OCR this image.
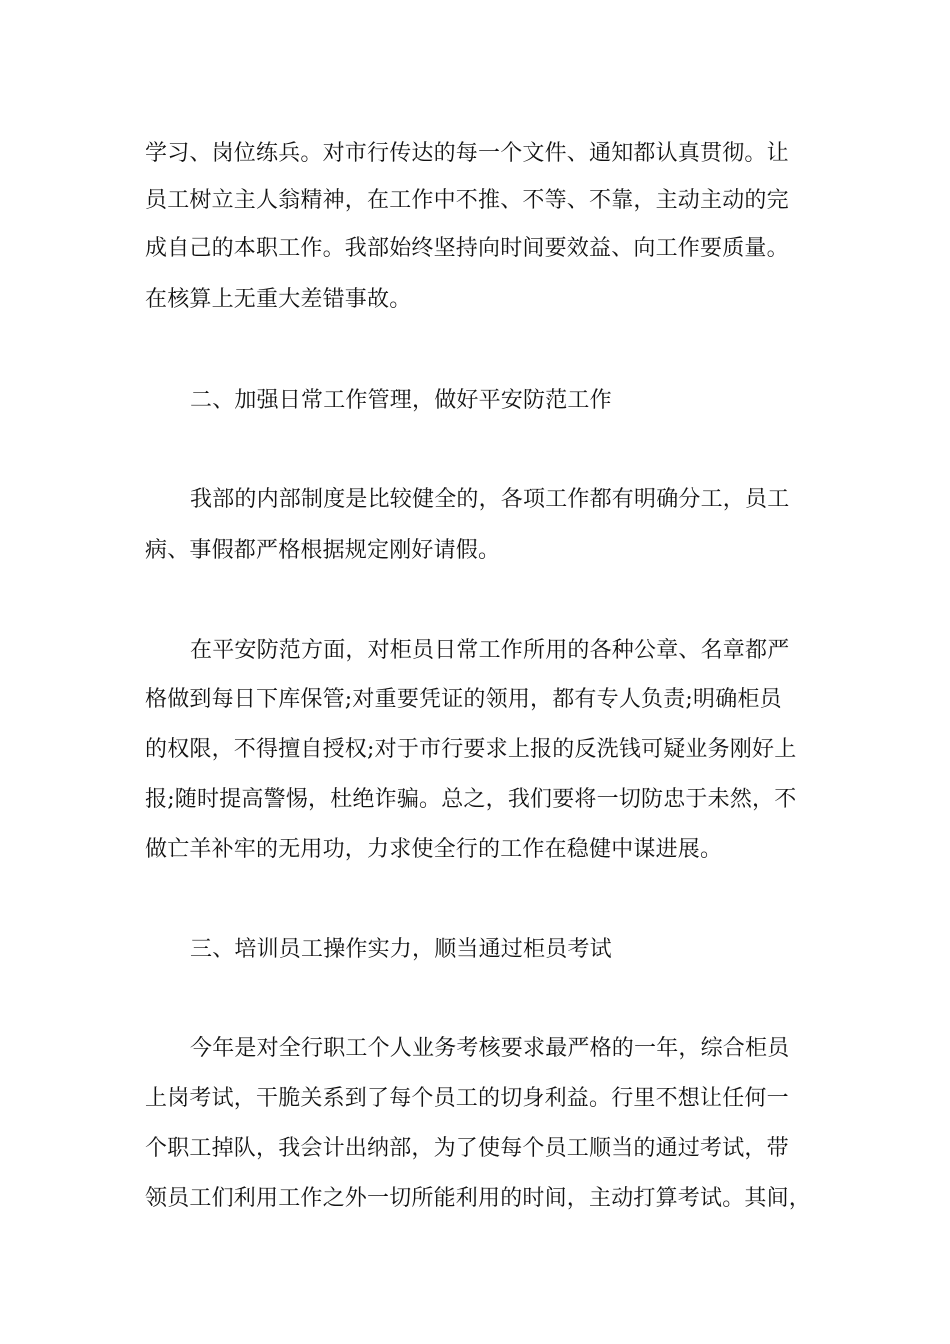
学习、岗位练兵。对市行传达的每一个文件、通知都认真贯彻。让
员工树立主人翁精神，在工作中不推、不等、不靠，主动主动的完
成自己的本职工作。我部始终坚持向时间要效益、向工作要质量。
在核算上无重大差错事故。
二、加强日常工作管理，做好平安防范工作
我部的内部制度是比较健全的，各项工作都有明确分工，员工
病、事假都严格根据规定刚好请假。
在平安防范方面，对柜员日常工作所用的各种公章、名章都严
格做到每日下库保管;对重要凭证的领用，都有专人负责;明确柜员
的权限，不得擅自授权;对于市行要求上报的反洗钱可疑业务刚好上
报;随时提高警惕，杜绝诈骗。总之，我们要将一切防忠于未然，不
做亡羊补牢的无用功，力求使全行的工作在稳健中谋进展。
三、培训员工操作实力，顺当通过柜员考试
今年是对全行职工个人业务考核要求最严格的一年，综合柜员
上岗考试，干脆关系到了每个员工的切身利益。行里不想让任何一
个职工掉队，我会计出纳部，为了使每个员工顺当的通过考试，带
领员工们利用工作之外一切所能利用的时间，主动打算考试。其间，
